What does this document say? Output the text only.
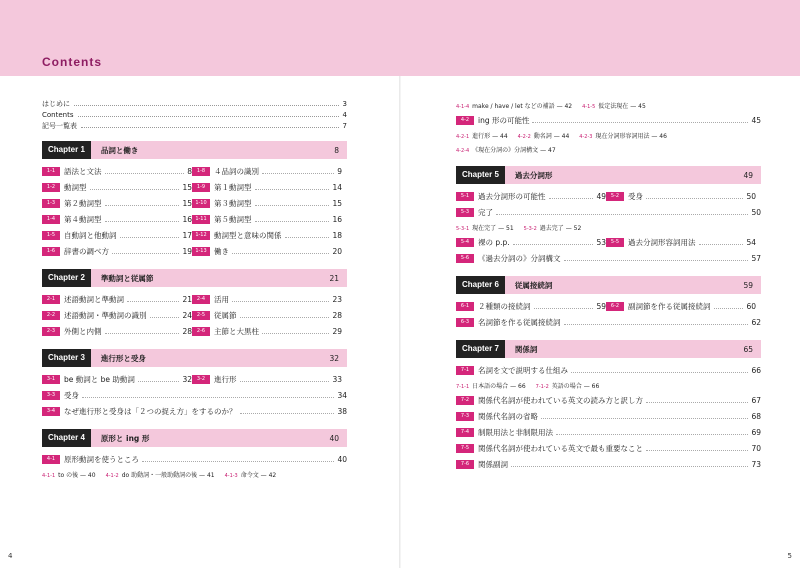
Contents
はじめに	3
Contents	4
記号一覧表	7
Chapter 1	品詞と働き	8
1-1	語法と文法	8 1-8	４品詞の識別	9
1-2	動詞型	15 1-9	第１動詞型	14
1-3	第２動詞型	15 1-10 第３動詞型	15
1-4	第４動詞型	16 1-11 第５動詞型	16
1-5	自動詞と他動詞	17 1-12 動詞型と意味の関係	18
1-6	辞書の調べ方	19 1-13 働き	20
Chapter 2	準動詞と従属節	21
2-1	述語動詞と準動詞	21 2-4	活用	23
2-2	述語動詞・準動詞の識別	24 2-5	従属節	28
2-3	外側と内側	28 2-6	主節と大黒柱	29
Chapter 3	進行形と受身	32
3-1	be 動詞と be 助動詞	32 3-2	進行形	33
3-3	受身	34
3-4	なぜ進行形と受身は「２つの捉え方」をするのか？	38
Chapter 4	原形と ing 形	40
4-1	原形動詞を使うところ	40
4-1-1 to の後 — 40 4-1-2 do 助動詞・一般助動詞の後 — 41 4-1-3 命令文 — 42
4-1-4 make / have / let などの補語 — 42 4-1-5 仮定法現在 — 45
4-2	ing 形の可能性	45
4-2-1 進行形 — 44 4-2-2 動名詞 — 44 4-2-3 現在分詞形容詞用法 — 46
4-2-4 《現在分詞の》分詞構文 — 47
Chapter 5	過去分詞形	49
5-1	過去分詞形の可能性	49 5-2	受身	50
5-3	完了	50
5-3-1 現在完了 — 51 5-3-2 過去完了 — 52
5-4	裸の p.p.	53 5-5	過去分詞形容詞用法	54
5-6	《過去分詞の》分詞構文	57
Chapter 6	従属接続詞	59
6-1	２種類の接続詞	59 6-2	副詞節を作る従属接続詞	60
6-3	名詞節を作る従属接続詞	62
Chapter 7	関係詞	65
7-1	名詞を文で説明する仕組み	66
7-1-1 日本語の場合 — 66 7-1-2 英語の場合 — 66
7-2	関係代名詞が使われている英文の読み方と訳し方	67
7-3	関係代名詞の省略	68
7-4	制限用法と非制限用法	69
7-5	関係代名詞が使われている英文で最も重要なこと	70
7-6	関係副詞	73
4	5
